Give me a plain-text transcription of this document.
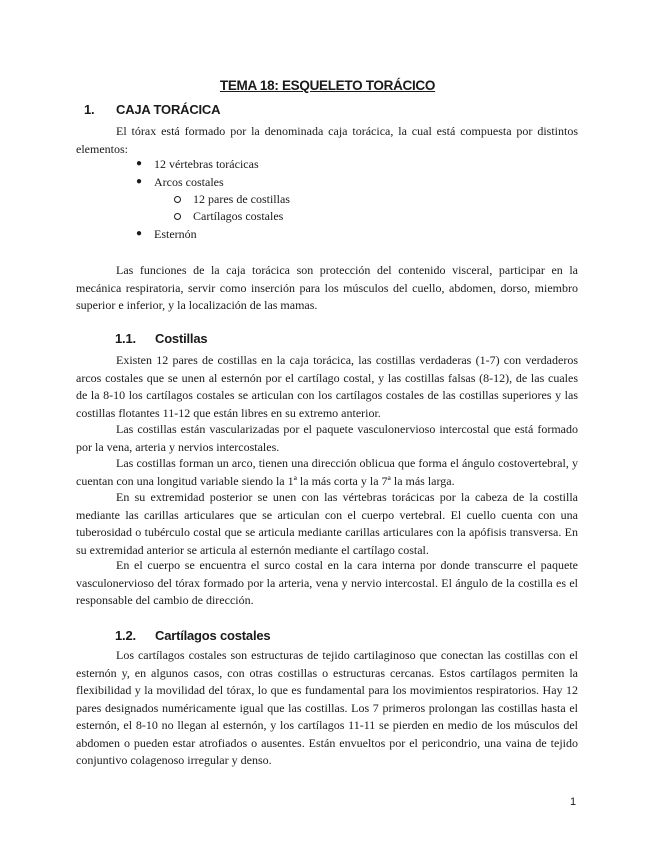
TEMA 18: ESQUELETO TORÁCICO
1. CAJA TORÁCICA

El tórax está formado por la denominada caja torácica, la cual está compuesta por distintos elementos:

● 12 vértebras torácicas
● Arcos costales
12 pares de costillas
Cartílagos costales
● Esternón

Las funciones de la caja torácica son protección del contenido visceral, participar en la mecánica respiratoria, servir como inserción para los músculos del cuello, abdomen, dorso, miembro superior e inferior, y la localización de las mamas.

1.1. Costillas

Existen 12 pares de costillas en la caja torácica, las costillas verdaderas (1-7) con verdaderos arcos costales que se unen al esternón por el cartílago costal, y las costillas falsas (8-12), de las cuales de la 8-10 los cartílagos costales se articulan con los cartílagos costales de las costillas superiores y las costillas flotantes 11-12 que están libres en su extremo anterior.

Las costillas están vascularizadas por el paquete vasculonervioso intercostal que está formado por la vena, arteria y nervios intercostales.

Las costillas forman un arco, tienen una dirección oblicua que forma el ángulo costovertebral, y cuentan con una longitud variable siendo la 1ª la más corta y la 7ª la más larga.

En su extremidad posterior se unen con las vértebras torácicas por la cabeza de la costilla mediante las carillas articulares que se articulan con el cuerpo vertebral. El cuello cuenta con una tuberosidad o tubérculo costal que se articula mediante carillas articulares con la apófisis transversa. En su extremidad anterior se articula al esternón mediante el cartílago costal.

En el cuerpo se encuentra el surco costal en la cara interna por donde transcurre el paquete vasculonervioso del tórax formado por la arteria, vena y nervio intercostal. El ángulo de la costilla es el responsable del cambio de dirección.

1.2. Cartílagos costales

Los cartílagos costales son estructuras de tejido cartilaginoso que conectan las costillas con el esternón y, en algunos casos, con otras costillas o estructuras cercanas. Estos cartílagos permiten la flexibilidad y la movilidad del tórax, lo que es fundamental para los movimientos respiratorios. Hay 12 pares designados numéricamente igual que las costillas. Los 7 primeros prolongan las costillas hasta el esternón, el 8-10 no llegan al esternón, y los cartílagos 11-11 se pierden en medio de los músculos del abdomen o pueden estar atrofiados o ausentes. Están envueltos por el pericondrio, una vaina de tejido conjuntivo colagenoso irregular y denso.

1
